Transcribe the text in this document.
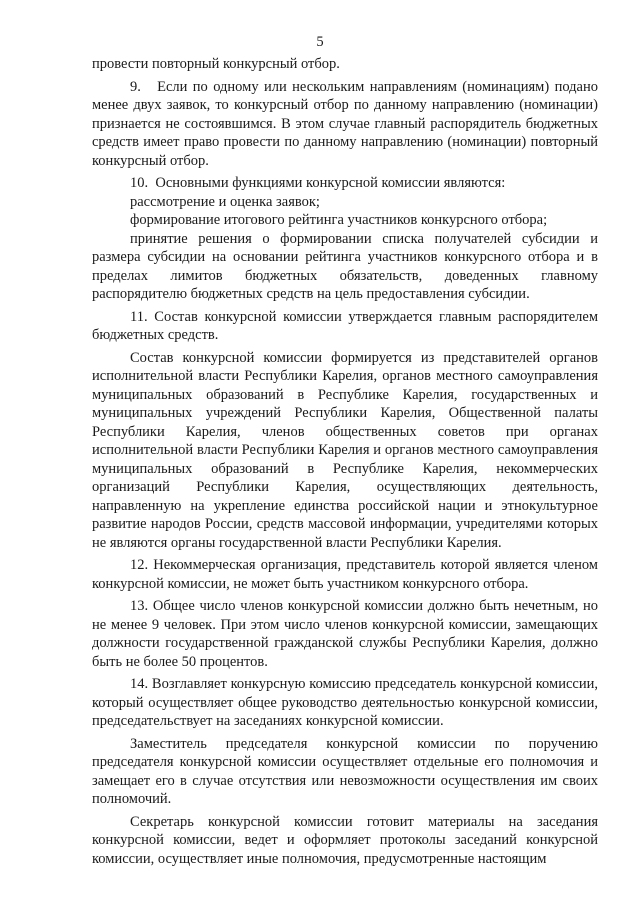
5

провести повторный конкурсный отбор.

9.   Если по одному или нескольким направлениям (номинациям) подано менее двух заявок, то конкурсный отбор по данному направлению (номинации) признается не состоявшимся. В этом случае главный распорядитель бюджетных средств имеет право провести по данному направлению (номинации) повторный конкурсный отбор.

10.  Основными функциями конкурсной комиссии являются:

рассмотрение и оценка заявок;

формирование итогового рейтинга участников конкурсного отбора;

принятие решения о формировании списка получателей субсидии и размера субсидии на основании рейтинга участников конкурсного отбора и в пределах лимитов бюджетных обязательств, доведенных главному распорядителю бюджетных средств на цель предоставления субсидии.

11. Состав конкурсной комиссии утверждается главным распорядителем бюджетных средств.

Состав конкурсной комиссии формируется из представителей органов исполнительной власти Республики Карелия, органов местного самоуправления муниципальных образований в Республике Карелия, государственных и муниципальных учреждений Республики Карелия, Общественной палаты Республики Карелия, членов общественных советов при органах исполнительной власти Республики Карелия и органов местного самоуправления муниципальных образований в Республике Карелия, некоммерческих организаций Республики Карелия, осуществляющих деятельность, направленную на укрепление единства российской нации и этнокультурное развитие народов России, средств массовой информации, учредителями которых не являются органы государственной власти Республики Карелия.

12. Некоммерческая организация, представитель которой является членом конкурсной комиссии, не может быть участником конкурсного отбора.

13. Общее число членов конкурсной комиссии должно быть нечетным, но не менее 9 человек. При этом число членов конкурсной комиссии, замещающих должности государственной гражданской службы Республики Карелия, должно быть не более 50 процентов.

14. Возглавляет конкурсную комиссию председатель конкурсной комиссии, который осуществляет общее руководство деятельностью конкурсной комиссии, председательствует на заседаниях конкурсной комиссии.

Заместитель председателя конкурсной комиссии по поручению председателя конкурсной комиссии осуществляет отдельные его полномочия и замещает его в случае отсутствия или невозможности осуществления им своих полномочий.

Секретарь конкурсной комиссии готовит материалы на заседания конкурсной комиссии, ведет и оформляет протоколы заседаний конкурсной комиссии, осуществляет иные полномочия, предусмотренные настоящим
